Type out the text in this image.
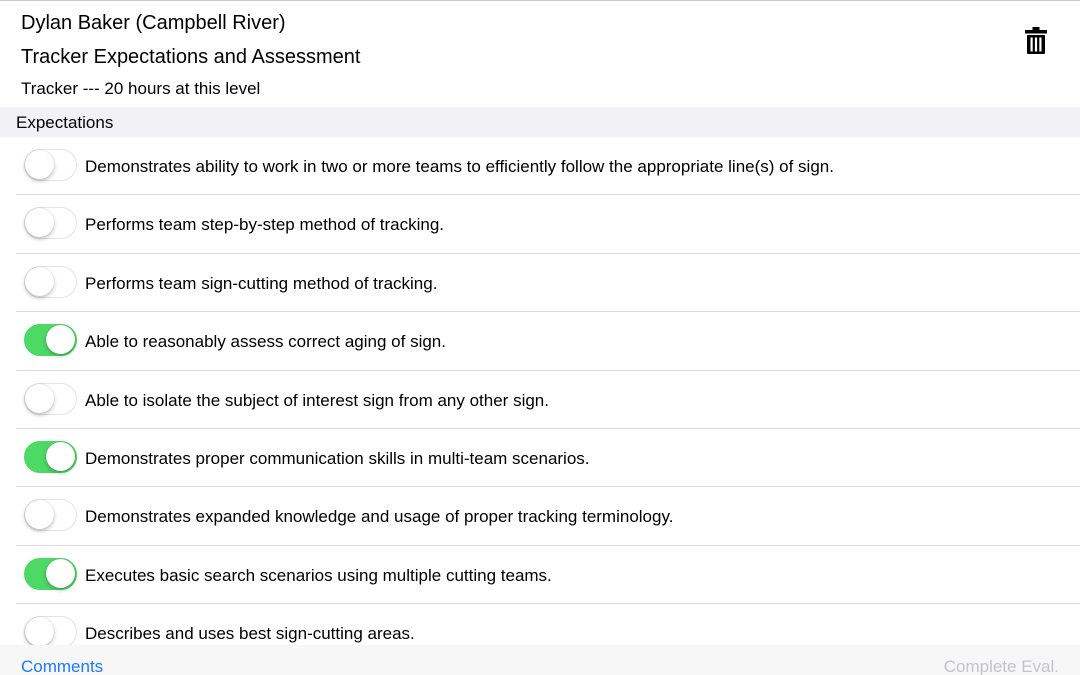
Dylan Baker (Campbell River)
Tracker Expectations and Assessment
Tracker --- 20 hours at this level
Expectations
Demonstrates ability to work in two or more teams to efficiently follow the appropriate line(s) of sign.
Performs team step-by-step method of tracking.
Performs team sign-cutting method of tracking.
Able to reasonably assess correct aging of sign.
Able to isolate the subject of interest sign from any other sign.
Demonstrates proper communication skills in multi-team scenarios.
Demonstrates expanded knowledge and usage of proper tracking terminology.
Executes basic search scenarios using multiple cutting teams.
Describes and uses best sign-cutting areas.
Comments	Complete Eval.
